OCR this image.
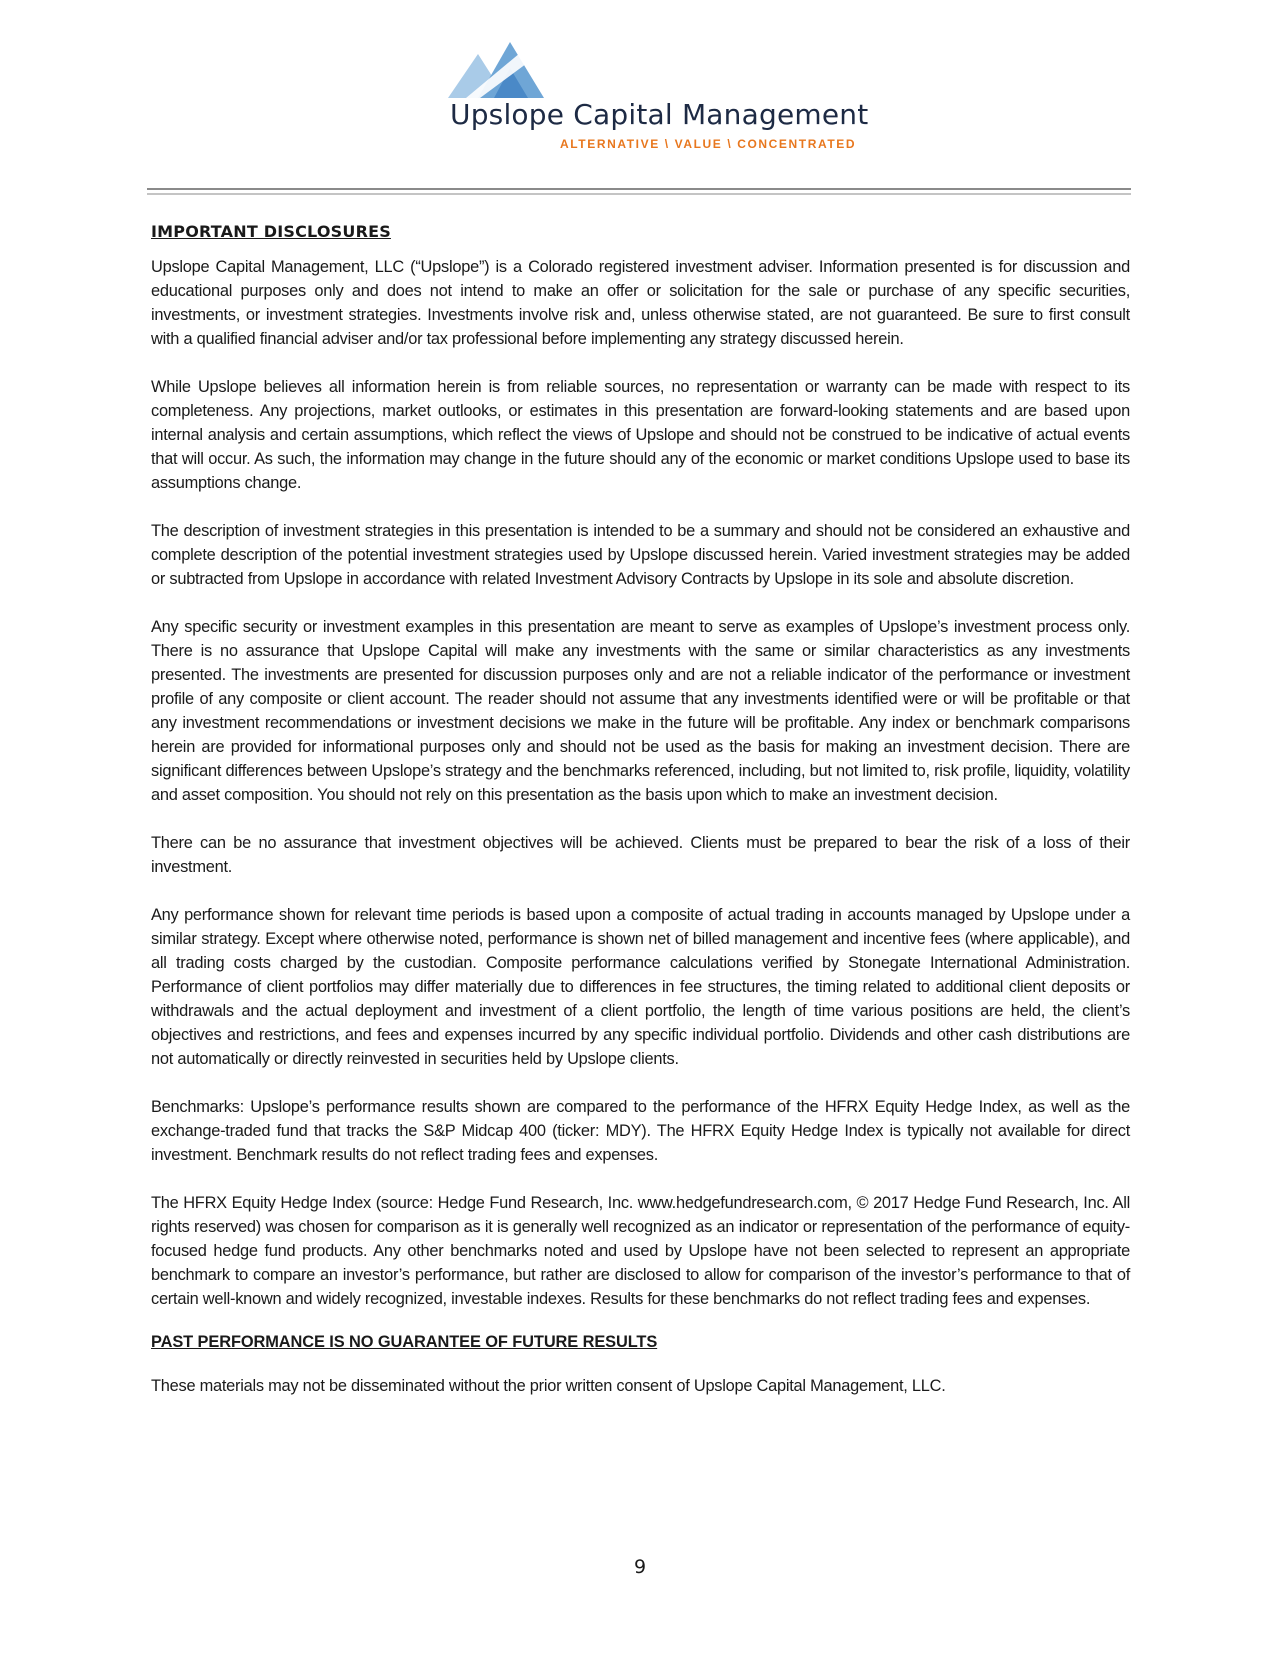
Upslope Capital Management
ALTERNATIVE \ VALUE \ CONCENTRATED
IMPORTANT DISCLOSURES

Upslope Capital Management, LLC (“Upslope”) is a Colorado registered investment adviser. Information presented is for discussion and educational purposes only and does not intend to make an offer or solicitation for the sale or purchase of any specific securities, investments, or investment strategies. Investments involve risk and, unless otherwise stated, are not guaranteed. Be sure to first consult with a qualified financial adviser and/or tax professional before implementing any strategy discussed herein.

While Upslope believes all information herein is from reliable sources, no representation or warranty can be made with respect to its completeness. Any projections, market outlooks, or estimates in this presentation are forward-looking statements and are based upon internal analysis and certain assumptions, which reflect the views of Upslope and should not be construed to be indicative of actual events that will occur. As such, the information may change in the future should any of the economic or market conditions Upslope used to base its assumptions change.

The description of investment strategies in this presentation is intended to be a summary and should not be considered an exhaustive and complete description of the potential investment strategies used by Upslope discussed herein. Varied investment strategies may be added or subtracted from Upslope in accordance with related Investment Advisory Contracts by Upslope in its sole and absolute discretion.

Any specific security or investment examples in this presentation are meant to serve as examples of Upslope’s investment process only. There is no assurance that Upslope Capital will make any investments with the same or similar characteristics as any investments presented. The investments are presented for discussion purposes only and are not a reliable indicator of the performance or investment profile of any composite or client account. The reader should not assume that any investments identified were or will be profitable or that any investment recommendations or investment decisions we make in the future will be profitable. Any index or benchmark comparisons herein are provided for informational purposes only and should not be used as the basis for making an investment decision. There are significant differences between Upslope’s strategy and the benchmarks referenced, including, but not limited to, risk profile, liquidity, volatility and asset composition. You should not rely on this presentation as the basis upon which to make an investment decision.

There can be no assurance that investment objectives will be achieved. Clients must be prepared to bear the risk of a loss of their investment.

Any performance shown for relevant time periods is based upon a composite of actual trading in accounts managed by Upslope under a similar strategy. Except where otherwise noted, performance is shown net of billed management and incentive fees (where applicable), and all trading costs charged by the custodian. Composite performance calculations verified by Stonegate International Administration. Performance of client portfolios may differ materially due to differences in fee structures, the timing related to additional client deposits or withdrawals and the actual deployment and investment of a client portfolio, the length of time various positions are held, the client’s objectives and restrictions, and fees and expenses incurred by any specific individual portfolio. Dividends and other cash distributions are not automatically or directly reinvested in securities held by Upslope clients.

Benchmarks: Upslope’s performance results shown are compared to the performance of the HFRX Equity Hedge Index, as well as the exchange-traded fund that tracks the S&P Midcap 400 (ticker: MDY). The HFRX Equity Hedge Index is typically not available for direct investment. Benchmark results do not reflect trading fees and expenses.

The HFRX Equity Hedge Index (source: Hedge Fund Research, Inc. www.hedgefundresearch.com, © 2017 Hedge Fund Research, Inc. All rights reserved) was chosen for comparison as it is generally well recognized as an indicator or representation of the performance of equity-focused hedge fund products. Any other benchmarks noted and used by Upslope have not been selected to represent an appropriate benchmark to compare an investor’s performance, but rather are disclosed to allow for comparison of the investor’s performance to that of certain well-known and widely recognized, investable indexes. Results for these benchmarks do not reflect trading fees and expenses.

PAST PERFORMANCE IS NO GUARANTEE OF FUTURE RESULTS

These materials may not be disseminated without the prior written consent of Upslope Capital Management, LLC.

9
